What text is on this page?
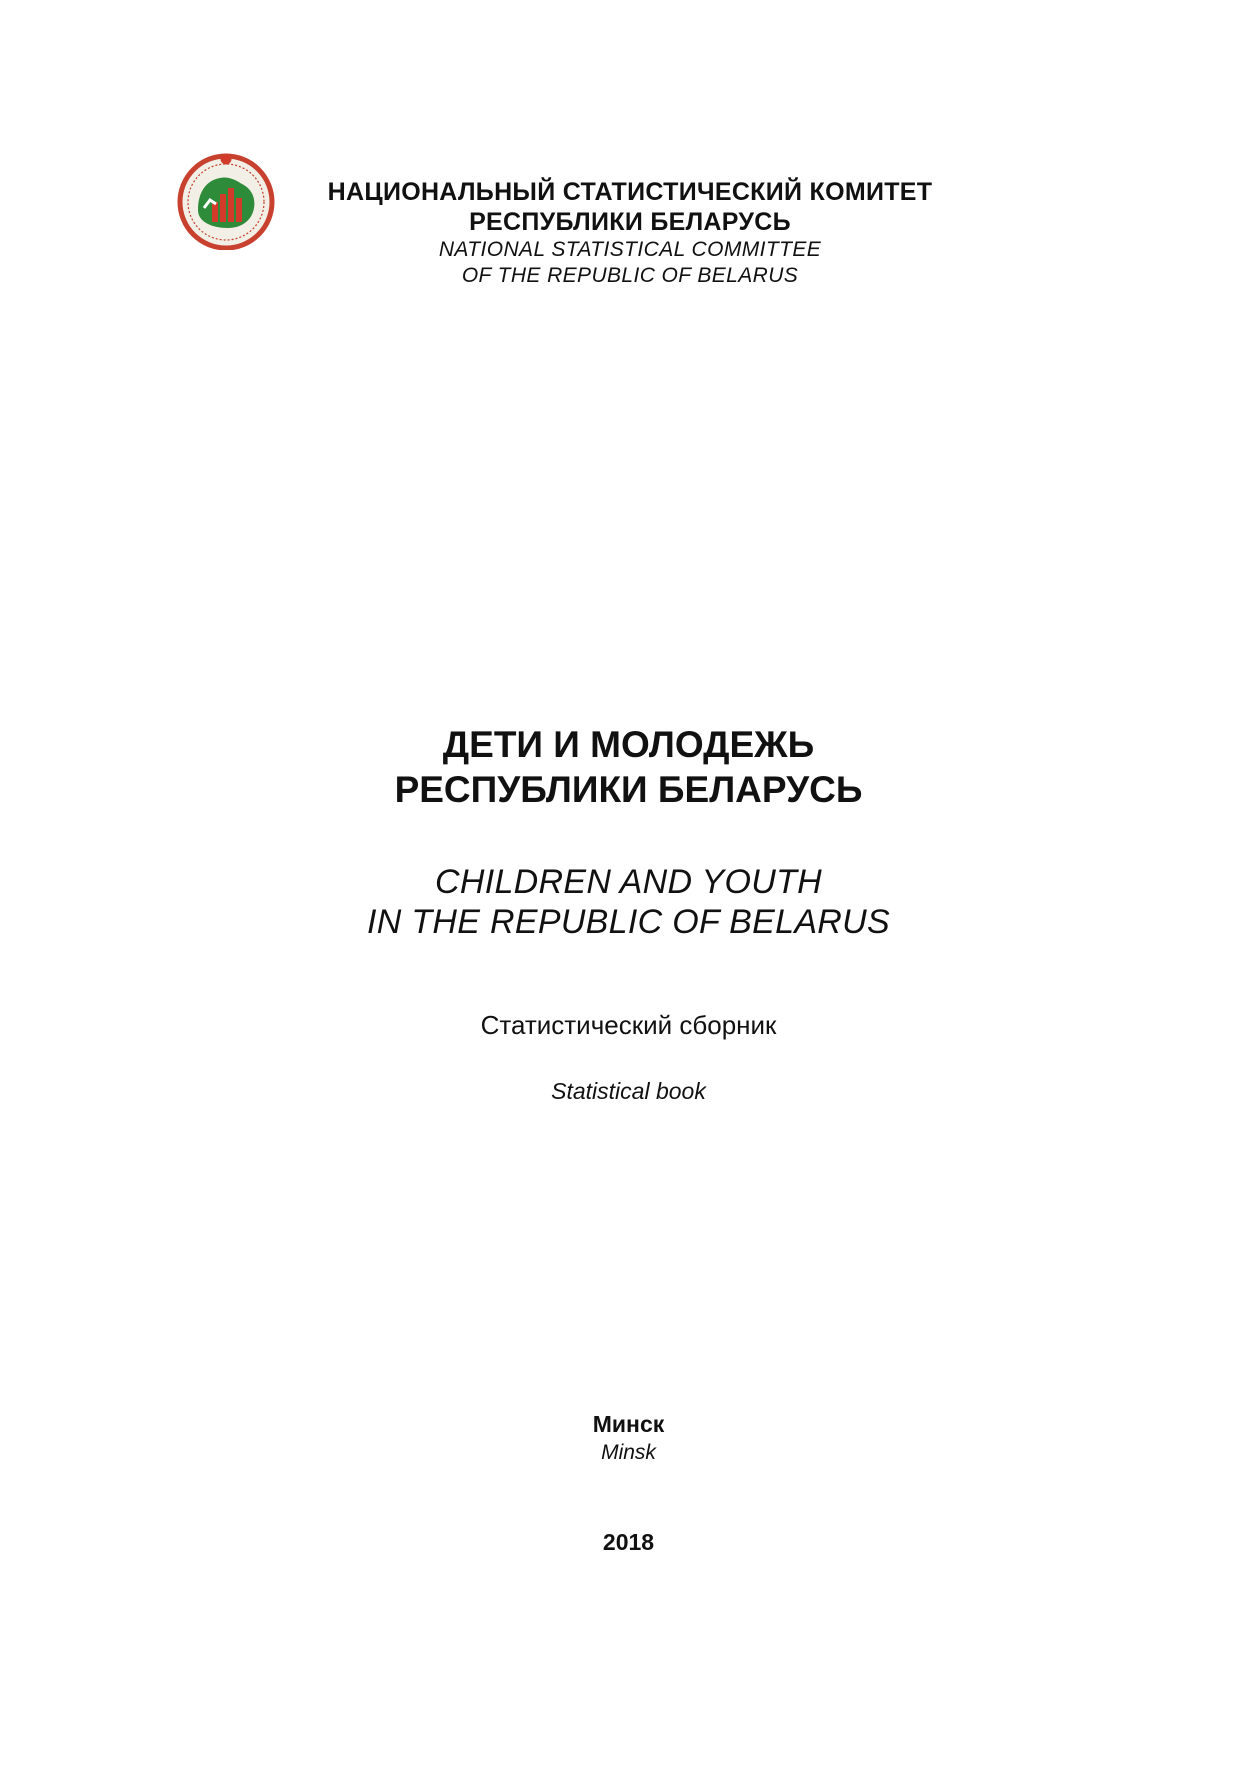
НАЦИОНАЛЬНЫЙ СТАТИСТИЧЕСКИЙ КОМИТЕТ
РЕСПУБЛИКИ БЕЛАРУСЬ
NATIONAL STATISTICAL COMMITTEE
OF THE REPUBLIC OF BELARUS
ДЕТИ И МОЛОДЕЖЬ
РЕСПУБЛИКИ БЕЛАРУСЬ
CHILDREN AND YOUTH
IN THE REPUBLIC OF BELARUS
Статистический сборник
Statistical book
Минск
Minsk
2018
